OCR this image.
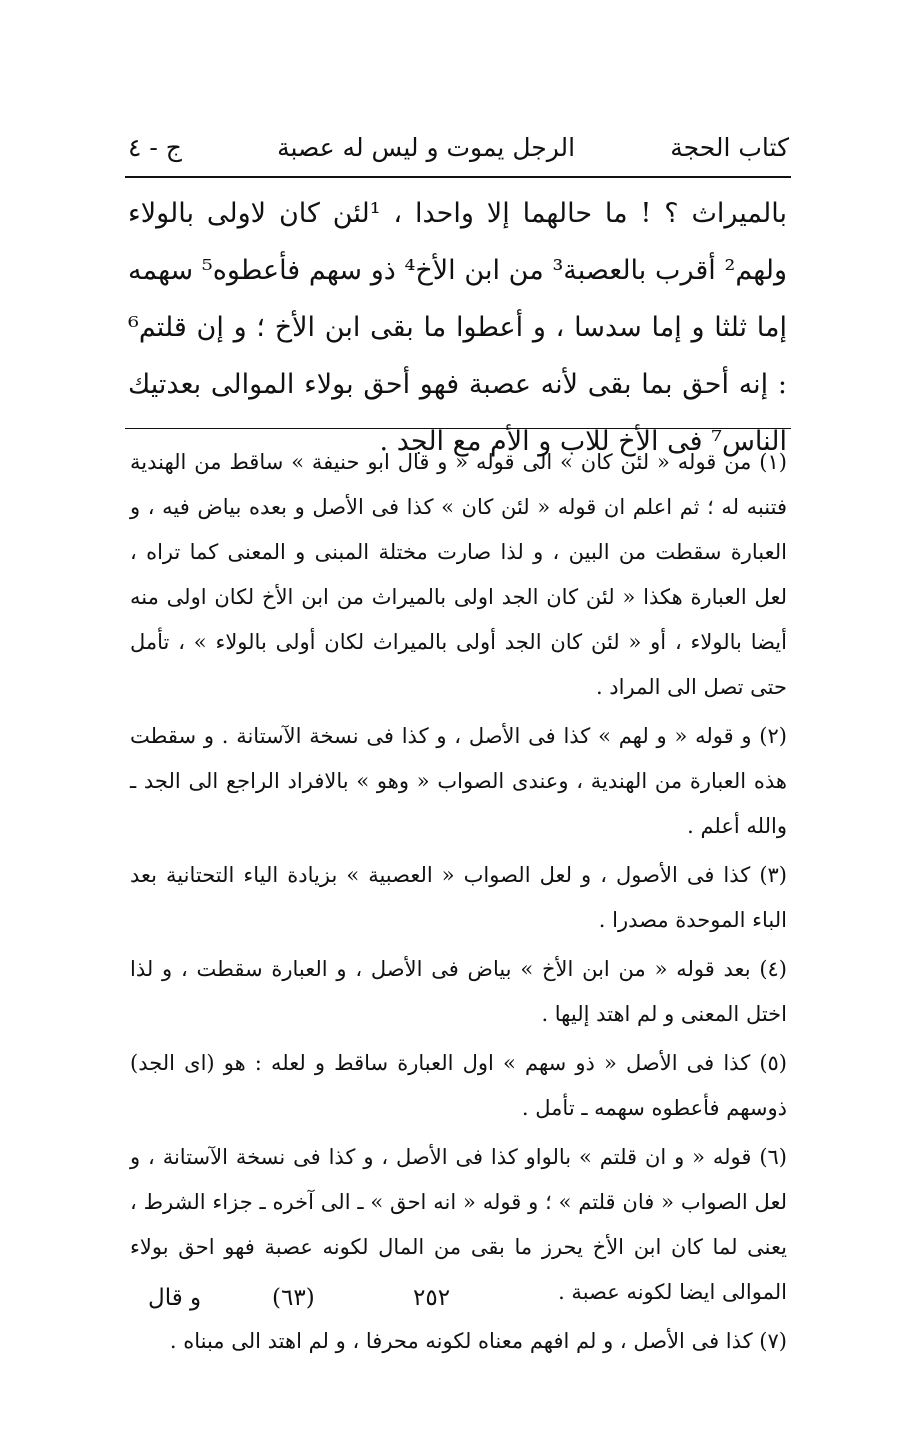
كتاب الحجة
الرجل يموت و ليس له عصبة
ج - ٤

بالميراث ؟ ! ما حالهما إلا واحدا ، ¹لئن كان لاولى بالولاء ولهم² أقرب بالعصبة³ من ابن الأخ⁴ ذو سهم فأعطوه⁵ سهمه إما ثلثا و إما سدسا ، و أعطوا ما بقى ابن الأخ ؛ و إن قلتم⁶ : إنه أحق بما بقى لأنه عصبة فهو أحق بولاء الموالى بعدتيك الناس⁷ فى الأخ للاب و الأم مع الجد .

(١) من قوله « لئن كان » الى قوله « و قال ابو حنيفة » ساقط من الهندية فتنبه له ؛ ثم اعلم ان قوله « لئن كان » كذا فى الأصل و بعده بياض فيه ، و العبارة سقطت من البين ، و لذا صارت مختلة المبنى و المعنى كما تراه ، لعل العبارة هكذا « لئن كان الجد اولى بالميراث من ابن الأخ لكان اولى منه أيضا بالولاء ، أو « لئن كان الجد أولى بالميراث لكان أولى بالولاء » ، تأمل حتى تصل الى المراد .

(٢) و قوله « و لهم » كذا فى الأصل ، و كذا فى نسخة الآستانة . و سقطت هذه العبارة من الهندية ، وعندى الصواب « وهو » بالافراد الراجع الى الجد ـ والله أعلم .

(٣) كذا فى الأصول ، و لعل الصواب « العصبية » بزيادة الياء التحتانية بعد الباء الموحدة مصدرا .

(٤) بعد قوله « من ابن الأخ » بياض فى الأصل ، و العبارة سقطت ، و لذا اختل المعنى و لم اهتد إليها .

(٥) كذا فى الأصل « ذو سهم » اول العبارة ساقط و لعله : هو (اى الجد) ذوسهم فأعطوه سهمه ـ تأمل .

(٦) قوله « و ان قلتم » بالواو كذا فى الأصل ، و كذا فى نسخة الآستانة ، و لعل الصواب « فان قلتم » ؛ و قوله « انه احق » ـ الى آخره ـ جزاء الشرط ، يعنى لما كان ابن الأخ يحرز ما بقى من المال لكونه عصبة فهو احق بولاء الموالى ايضا لكونه عصبة .

(٧) كذا فى الأصل ، و لم افهم معناه لكونه محرفا ، و لم اهتد الى مبناه .

و قال	(٦٣)	٢٥٢
